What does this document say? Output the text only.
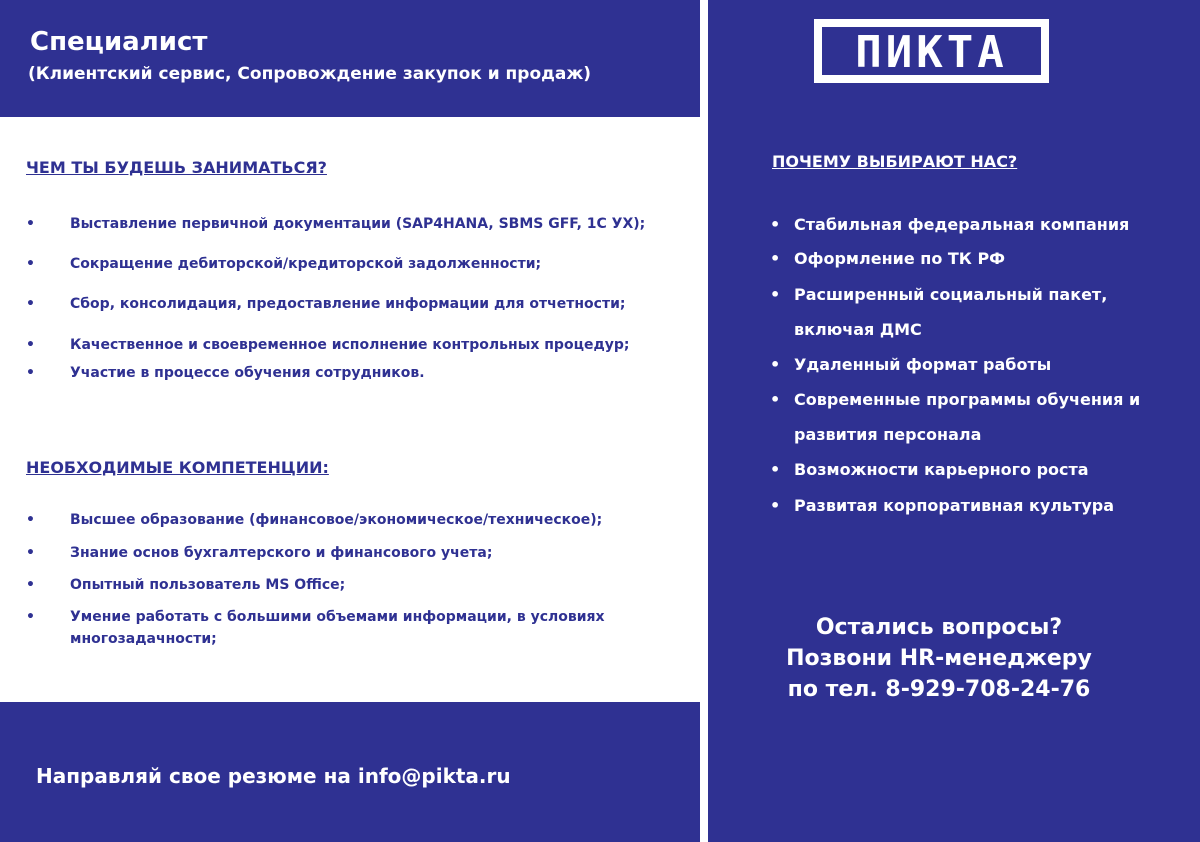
Специалист

(Клиентский сервис, Сопровождение закупок и продаж)

ЧЕМ ТЫ БУДЕШЬ ЗАНИМАТЬСЯ?
•	Выставление первичной документации (SAP4HANA, SBMS GFF, 1С УХ);
•	Сокращение дебиторской/кредиторской задолженности;
•	Сбор, консолидация, предоставление информации для отчетности;
•	Качественное и своевременное исполнение контрольных процедур;
•	Участие в процессе обучения сотрудников.
НЕОБХОДИМЫЕ КОМПЕТЕНЦИИ:
•	Высшее образование (финансовое/экономическое/техническое);
•	Знание основ бухгалтерского и финансового учета;
•	Опытный пользователь MS Office;
•	Умение работать с большими объемами информации, в условиях многозадачности;
Направляй свое резюме на info@pikta.ru
ПИКТА
ПОЧЕМУ ВЫБИРАЮТ НАС?
• Стабильная федеральная компания
• Оформление по ТК РФ
• Расширенный социальный пакет, включая ДМС
• Удаленный формат работы
• Современные программы обучения и развития персонала
• Возможности карьерного роста
• Развитая корпоративная культура
Остались вопросы?
Позвони HR-менеджеру
по тел. 8-929-708-24-76
